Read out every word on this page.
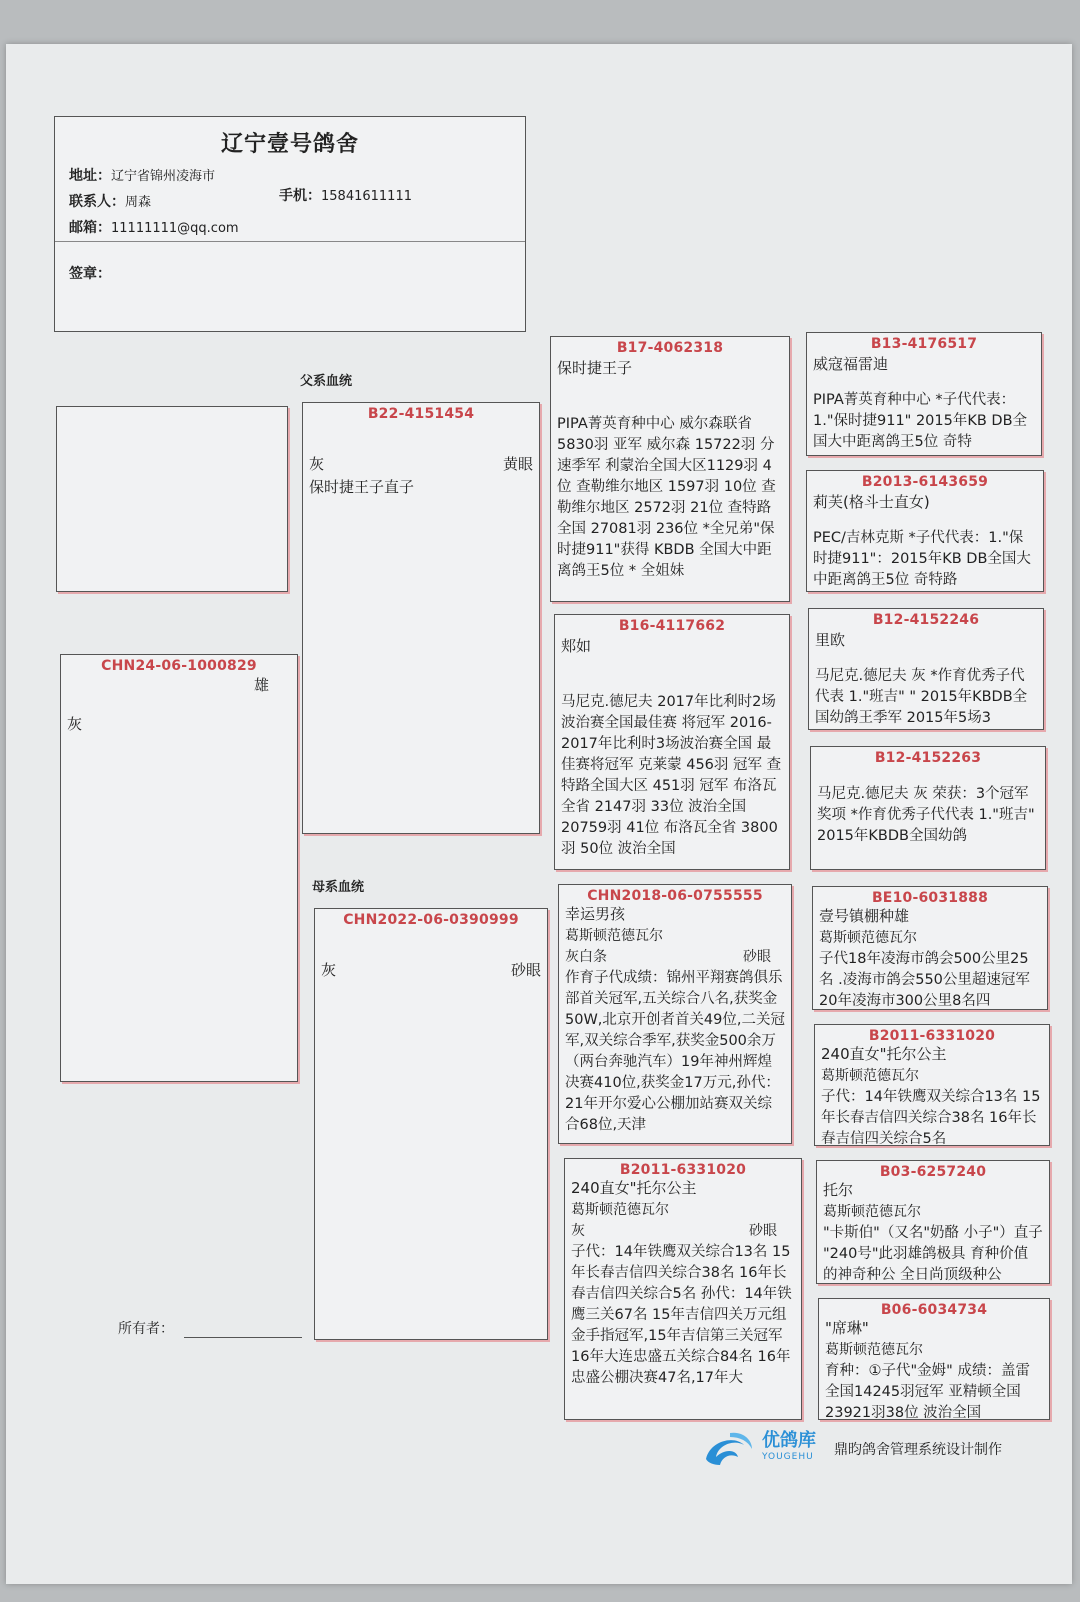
辽宁壹号鸽舍
地址：辽宁省锦州凌海市
联系人：周森	手机：15841611111
邮箱：11111111@qq.com
签章：
CHN24-06-1000829
雄
灰
父系血统
母系血统
B22-4151454
灰	黄眼
保时捷王子直子
CHN2022-06-0390999
灰	砂眼
所有者：
B17-4062318
保时捷王子
PIPA菁英育种中心 威尔森联省5830羽 亚军 威尔森 15722羽 分速季军 利蒙治全国大区1129羽 4位 查勒维尔地区 1597羽 10位 查勒维尔地区 2572羽 21位 查特路全国 27081羽 236位 *全兄弟"保时捷911"获得 KBDB 全国大中距离鸽王5位 * 全姐妹
B16-4117662
郏如
马尼克.德尼夫 2017年比利时2场波治赛全国最佳赛 将冠军 2016-2017年比利时3场波治赛全国 最佳赛将冠军 克莱蒙 456羽 冠军 查特路全国大区 451羽 冠军 布洛瓦全省 2147羽 33位 波治全国 20759羽 41位 布洛瓦全省 3800羽 50位 波治全国
CHN2018-06-0755555
幸运男孩
葛斯顿范德瓦尔
灰白条	砂眼
作育子代成绩：锦州平翔赛鸽俱乐部首关冠军,五关综合八名,获奖金50W,北京开创者首关49位,二关冠军,双关综合季军,获奖金500余万（两台奔驰汽车）19年神州辉煌决赛410位,获奖金17万元,孙代：21年开尔爱心公棚加站赛双关综合68位,天津
B2011-6331020
240直女"托尔公主
葛斯顿范德瓦尔
灰	砂眼
子代：14年铁鹰双关综合13名 15年长春吉信四关综合38名 16年长春吉信四关综合5名 孙代：14年铁鹰三关67名 15年吉信四关万元组金手指冠军,15年吉信第三关冠军 16年大连忠盛五关综合84名 16年忠盛公棚决赛47名,17年大
B13-4176517
威寇福雷迪
PIPA菁英育种中心 *子代代表：1."保时捷911" 2015年KB DB全国大中距离鸽王5位 奇特
B2013-6143659
莉芙(格斗士直女)
PEC/吉林克斯 *子代代表：1."保时捷911"：2015年KB DB全国大中距离鸽王5位 奇特路
B12-4152246
里欧
马尼克.德尼夫 灰 *作育优秀子代代表 1."班吉" " 2015年KBDB全国幼鸽王季军 2015年5场3
B12-4152263
马尼克.德尼夫 灰 荣获：3个冠军奖项 *作育优秀子代代表 1."班吉" 2015年KBDB全国幼鸽
BE10-6031888
壹号镇棚种雄
葛斯顿范德瓦尔
子代18年凌海市鸽会500公里25名 .凌海市鸽会550公里超速冠军 20年凌海市300公里8名四
B2011-6331020
240直女"托尔公主
葛斯顿范德瓦尔
子代：14年铁鹰双关综合13名 15年长春吉信四关综合38名 16年长春吉信四关综合5名
B03-6257240
托尔
葛斯顿范德瓦尔
"卡斯伯"（又名"奶酪 小子"）直子 "240号"此羽雄鸽极具 育种价值 的神奇种公 全日尚顶级种公
B06-6034734
"席琳"
葛斯顿范德瓦尔
育种：①子代"金姆" 成绩：盖雷全国14245羽冠军 亚精顿全国23921羽38位 波治全国
优鸽库
YOUGEHU 鼎昀鸽舍管理系统设计制作
